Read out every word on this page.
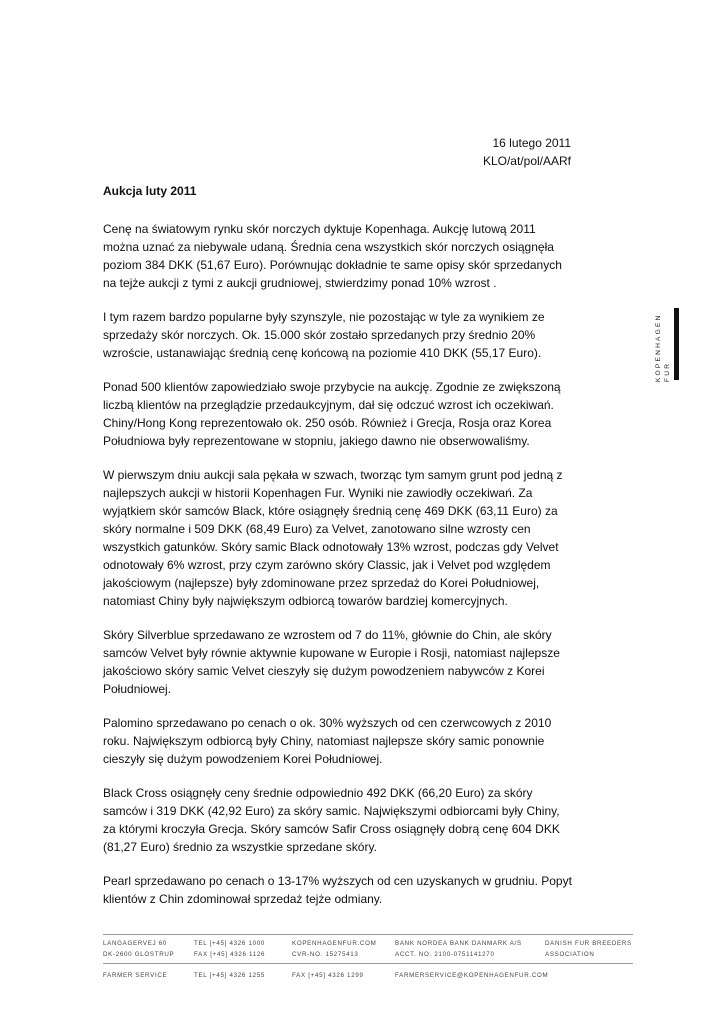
16 lutego 2011
KLO/at/pol/AARf
Aukcja luty 2011

Cenę na światowym rynku skór norczych dyktuje Kopenhaga. Aukcję lutową 2011 można uznać za niebywale udaną. Średnia cena wszystkich skór norczych osiągnęła poziom 384 DKK (51,67 Euro). Porównując dokładnie te same opisy skór sprzedanych na tejże aukcji z tymi z aukcji grudniowej, stwierdzimy ponad 10% wzrost .

I tym razem bardzo popularne były szynszyle, nie pozostając w tyle za wynikiem ze sprzedaży skór norczych. Ok. 15.000 skór zostało sprzedanych przy średnio 20% wzroście, ustanawiając średnią cenę końcową na poziomie 410 DKK (55,17 Euro).

Ponad 500 klientów zapowiedziało swoje przybycie na aukcję. Zgodnie ze zwiększoną liczbą klientów na przeglądzie przedaukcyjnym, dał się odczuć wzrost ich oczekiwań. Chiny/Hong Kong reprezentowało ok. 250 osób. Również i Grecja, Rosja oraz Korea Południowa były reprezentowane w stopniu, jakiego dawno nie obserwowaliśmy.

W pierwszym dniu aukcji sala pękała w szwach, tworząc tym samym grunt pod jedną z najlepszych aukcji w historii Kopenhagen Fur. Wyniki nie zawiodły oczekiwań. Za wyjątkiem skór samców Black, które osiągnęły średnią cenę 469 DKK (63,11 Euro) za skóry normalne i 509 DKK (68,49 Euro) za Velvet, zanotowano silne wzrosty cen wszystkich gatunków. Skóry samic Black odnotowały 13% wzrost, podczas gdy Velvet odnotowały 6% wzrost, przy czym zarówno skóry Classic, jak i Velvet pod względem jakościowym (najlepsze) były zdominowane przez sprzedaż do Korei Południowej, natomiast Chiny były największym odbiorcą towarów bardziej komercyjnych.

Skóry Silverblue sprzedawano ze wzrostem od 7 do 11%, głównie do Chin, ale skóry samców Velvet były równie aktywnie kupowane w Europie i Rosji, natomiast najlepsze jakościowo skóry samic Velvet cieszyły się dużym powodzeniem nabywców z Korei Południowej.

Palomino sprzedawano po cenach o ok. 30% wyższych od cen czerwcowych z 2010 roku. Największym odbiorcą były Chiny, natomiast najlepsze skóry samic ponownie cieszyły się dużym powodzeniem Korei Południowej.

Black Cross osiągnęły ceny średnie odpowiednio 492 DKK (66,20 Euro) za skóry samców i 319 DKK (42,92 Euro) za skóry samic. Największymi odbiorcami były Chiny, za którymi kroczyła Grecja. Skóry samców Safir Cross osiągnęły dobrą cenę 604 DKK (81,27 Euro) średnio za wszystkie sprzedane skóry.

Pearl sprzedawano po cenach o 13-17% wyższych od cen uzyskanych w grudniu. Popyt klientów z Chin zdominował sprzedaż tejże odmiany.

KOPENHAGEN FUR
LANGAGERVEJ 60	TEL [+45] 4326 1000	KOPENHAGENFUR.COM	BANK NORDEA BANK DANMARK A/S	DANISH FUR BREEDERS
DK-2600 GLOSTRUP	FAX [+45] 4326 1126	CVR-NO. 15275413	ACCT. NO. 2100-0751141270	ASSOCIATION
FARMER SERVICE	TEL [+45] 4326 1255	FAX [+45] 4326 1299	FARMERSERVICE@KOPENHAGENFUR.COM
